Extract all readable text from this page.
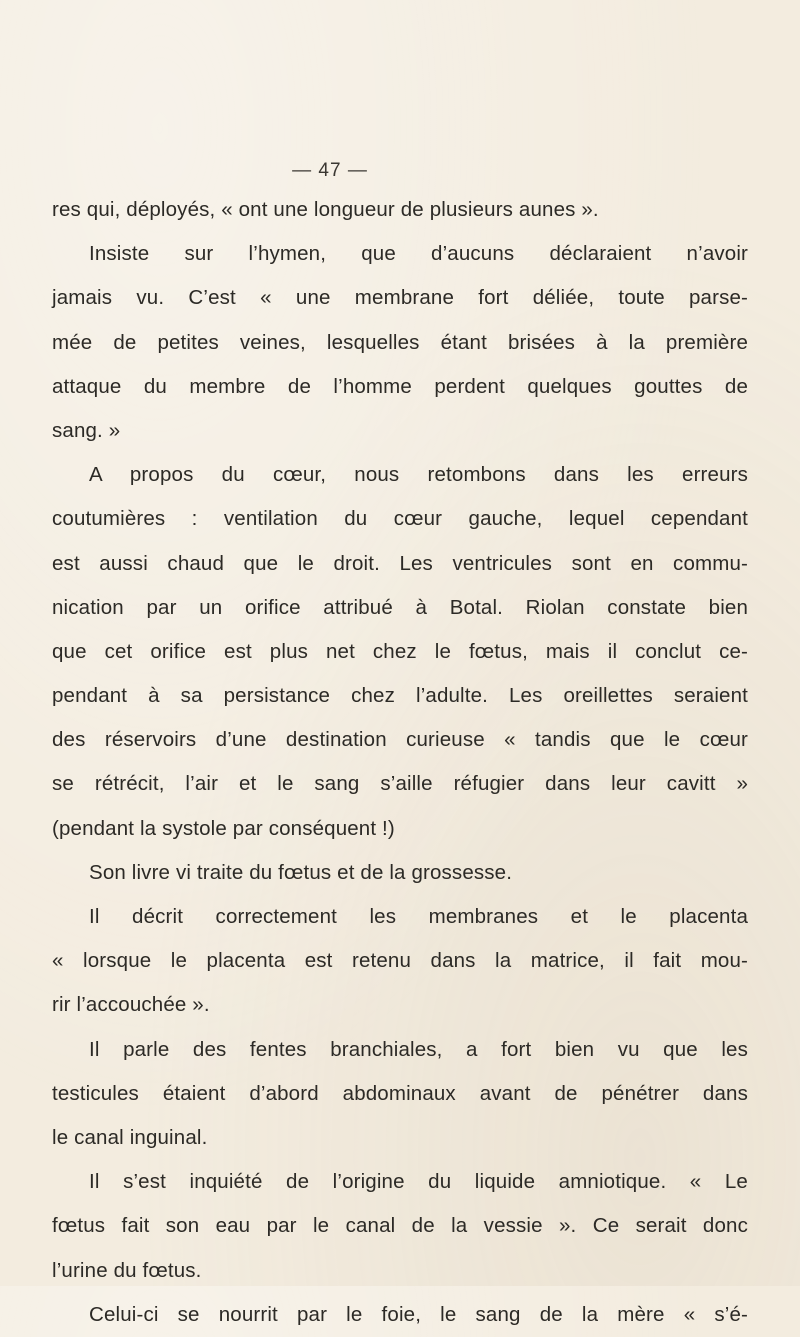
— 47 —
res qui, déployés, « ont une longueur de plusieurs aunes ».
Insiste sur l’hymen, que d’aucuns déclaraient n’avoir
jamais vu. C’est « une membrane fort déliée, toute parse-
mée de petites veines, lesquelles étant brisées à la première
attaque du membre de l’homme perdent quelques gouttes de
sang. »
A propos du cœur, nous retombons dans les erreurs
coutumières : ventilation du cœur gauche, lequel cependant
est aussi chaud que le droit. Les ventricules sont en commu-
nication par un orifice attribué à Botal. Riolan constate bien
que cet orifice est plus net chez le fœtus, mais il conclut ce-
pendant à sa persistance chez l’adulte. Les oreillettes seraient
des réservoirs d’une destination curieuse « tandis que le cœur
se rétrécit, l’air et le sang s’aille réfugier dans leur cavitt »
(pendant la systole par conséquent !)
Son livre vi traite du fœtus et de la grossesse.
Il décrit correctement les membranes et le placenta
« lorsque le placenta est retenu dans la matrice, il fait mou-
rir l’accouchée ».
Il parle des fentes branchiales, a fort bien vu que les
testicules étaient d’abord abdominaux avant de pénétrer dans
le canal inguinal.
Il s’est inquiété de l’origine du liquide amniotique. « Le
fœtus fait son eau par le canal de la vessie ». Ce serait donc
l’urine du fœtus.
Celui-ci se nourrit par le foie, le sang de la mère « s’é-
